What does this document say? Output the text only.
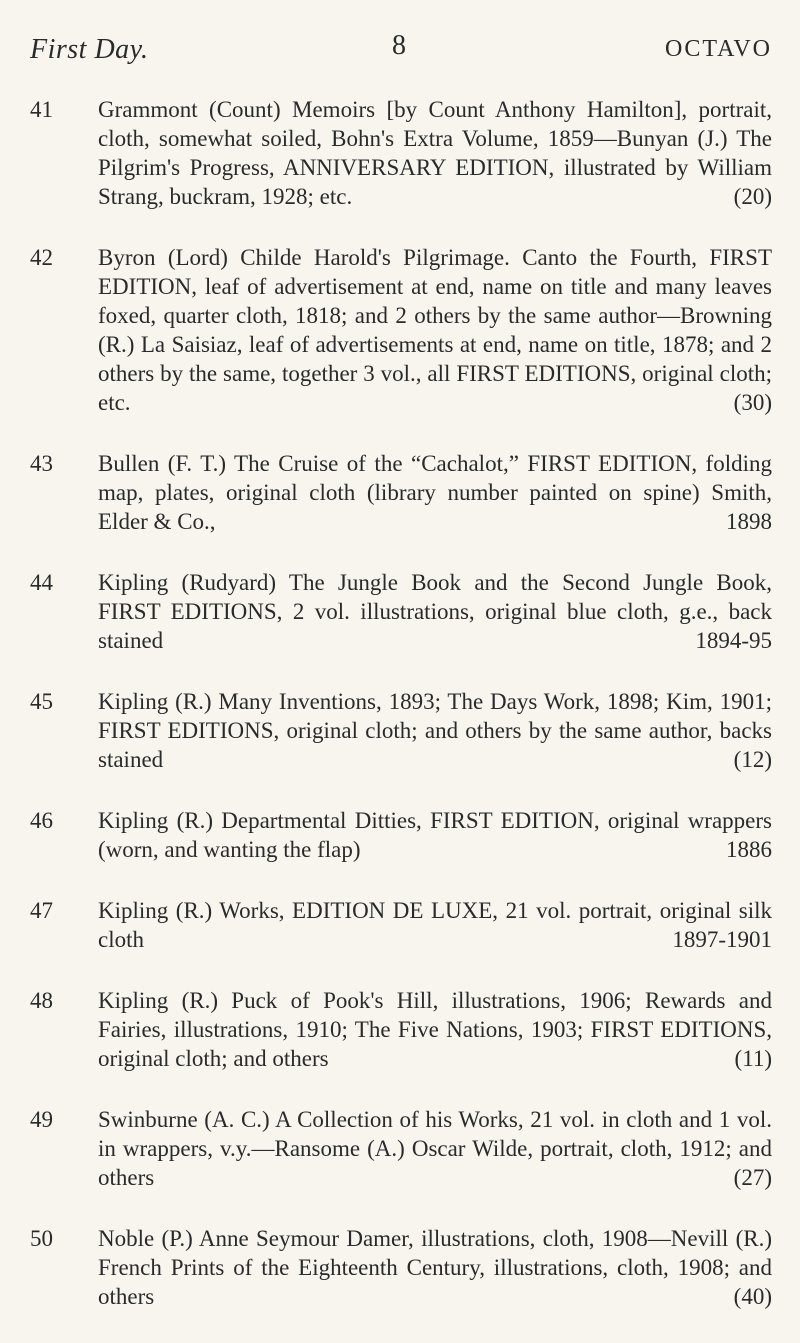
First Day.	8	OCTAVO
41 Grammont (Count) Memoirs [by Count Anthony Hamilton], portrait, cloth, somewhat soiled, Bohn's Extra Volume, 1859—Bunyan (J.) The Pilgrim's Progress, ANNIVERSARY EDITION, illustrated by William Strang, buckram, 1928; etc.	(20)
42 Byron (Lord) Childe Harold's Pilgrimage. Canto the Fourth, FIRST EDITION, leaf of advertisement at end, name on title and many leaves foxed, quarter cloth, 1818; and 2 others by the same author—Browning (R.) La Saisiaz, leaf of advertisements at end, name on title, 1878; and 2 others by the same, together 3 vol., all FIRST EDITIONS, original cloth; etc.	(30)
43 Bullen (F. T.) The Cruise of the “Cachalot,” FIRST EDITION, folding map, plates, original cloth (library number painted on spine) Smith, Elder & Co.,	1898
44 Kipling (Rudyard) The Jungle Book and the Second Jungle Book, FIRST EDITIONS, 2 vol. illustrations, original blue cloth, g.e., back stained	1894-95
45 Kipling (R.) Many Inventions, 1893; The Days Work, 1898; Kim, 1901; FIRST EDITIONS, original cloth; and others by the same author, backs stained	(12)
46 Kipling (R.) Departmental Ditties, FIRST EDITION, original wrappers (worn, and wanting the flap)	1886
47 Kipling (R.) Works, EDITION DE LUXE, 21 vol. portrait, original silk cloth	1897-1901
48 Kipling (R.) Puck of Pook's Hill, illustrations, 1906; Rewards and Fairies, illustrations, 1910; The Five Nations, 1903; FIRST EDITIONS, original cloth; and others	(11)
49 Swinburne (A. C.) A Collection of his Works, 21 vol. in cloth and 1 vol. in wrappers, v.y.—Ransome (A.) Oscar Wilde, portrait, cloth, 1912; and others	(27)
50 Noble (P.) Anne Seymour Damer, illustrations, cloth, 1908—Nevill (R.) French Prints of the Eighteenth Century, illustrations, cloth, 1908; and others	(40)
